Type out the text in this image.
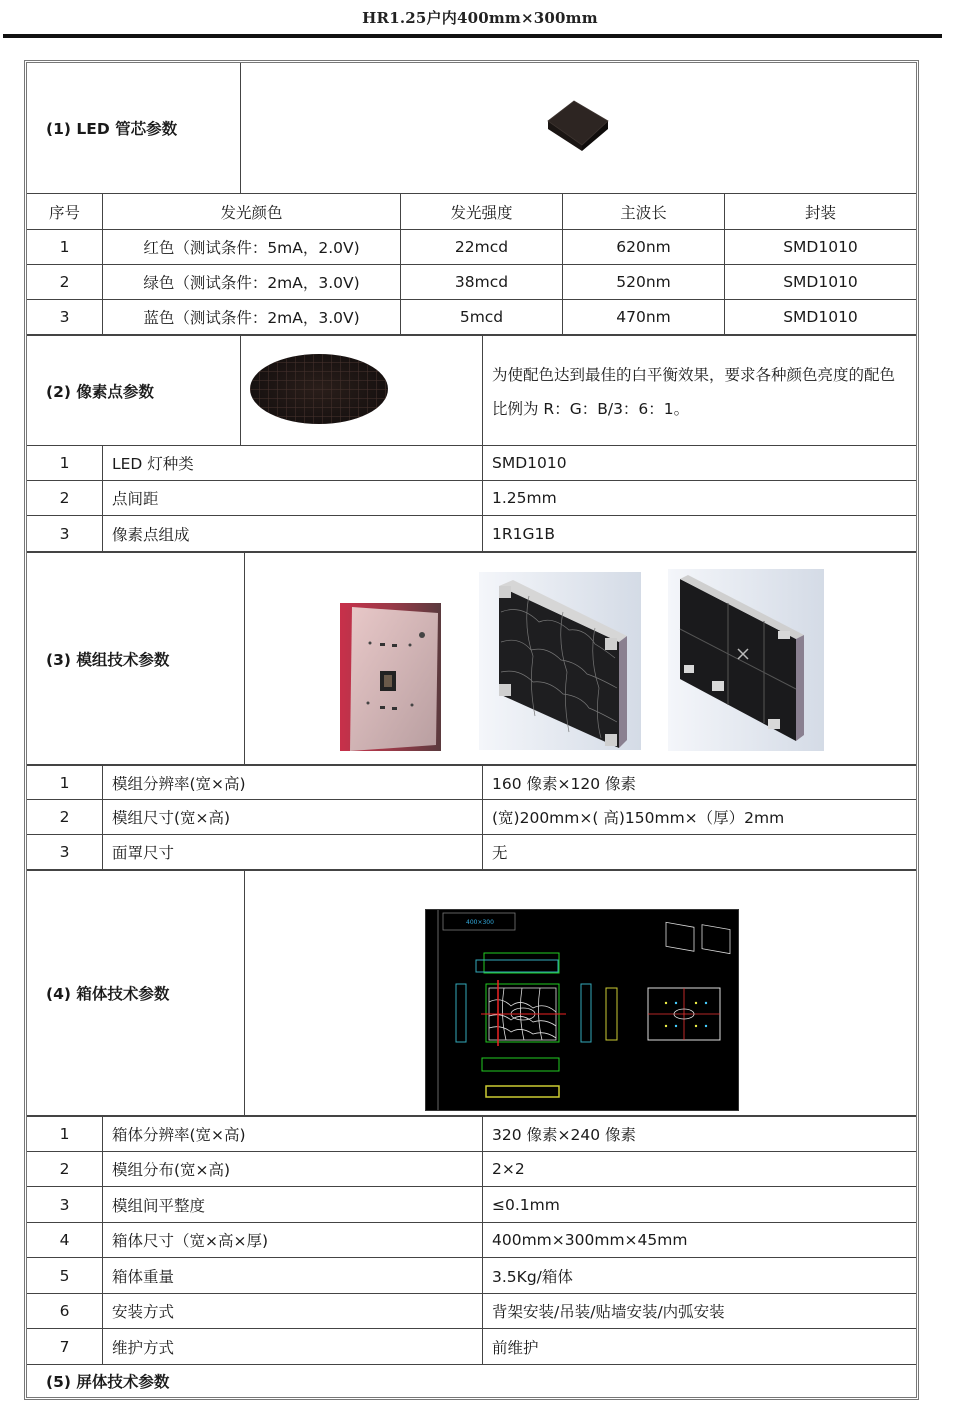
HR1.25户内400mm×300mm
(1) LED 管芯参数
序号	发光颜色	发光强度	主波长	封装
1	红色（测试条件：5mA，2.0V)	22mcd	620nm	SMD1010
2	绿色（测试条件：2mA，3.0V)	38mcd	520nm	SMD1010
3	蓝色（测试条件：2mA，3.0V)	5mcd	470nm	SMD1010
(2) 像素点参数
为使配色达到最佳的白平衡效果，要求各种颜色亮度的配色比例为 R：G：B/3：6：1。
1	LED 灯种类	SMD1010
2	点间距	1.25mm
3	像素点组成	1R1G1B
(3) 模组技术参数
1	模组分辨率(宽×高)	160 像素×120 像素
2	模组尺寸(宽×高)	(宽)200mm×( 高)150mm×（厚）2mm
3	面罩尺寸	无
(4) 箱体技术参数
400×300
1	箱体分辨率(宽×高)	320 像素×240 像素
2	模组分布(宽×高)	2×2
3	模组间平整度	≤0.1mm
4	箱体尺寸（宽×高×厚)	400mm×300mm×45mm
5	箱体重量	3.5Kg/箱体
6	安装方式	背架安装/吊装/贴墙安装/内弧安装
7	维护方式	前维护
(5) 屏体技术参数
